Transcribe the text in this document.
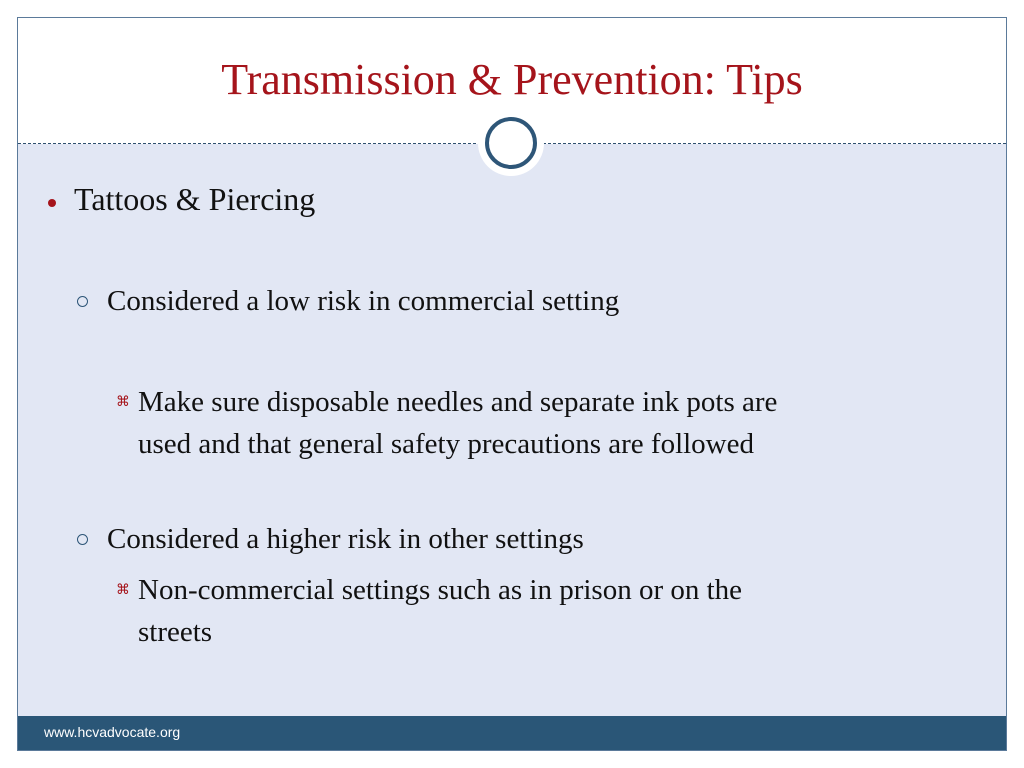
Transmission & Prevention: Tips
Tattoos & Piercing
Considered a low risk in commercial setting
⌘ Make sure disposable needles and separate ink pots are
used and that general safety precautions are followed
Considered a higher risk in other settings
⌘ Non-commercial settings such as in prison or on the
streets
www.hcvadvocate.org
